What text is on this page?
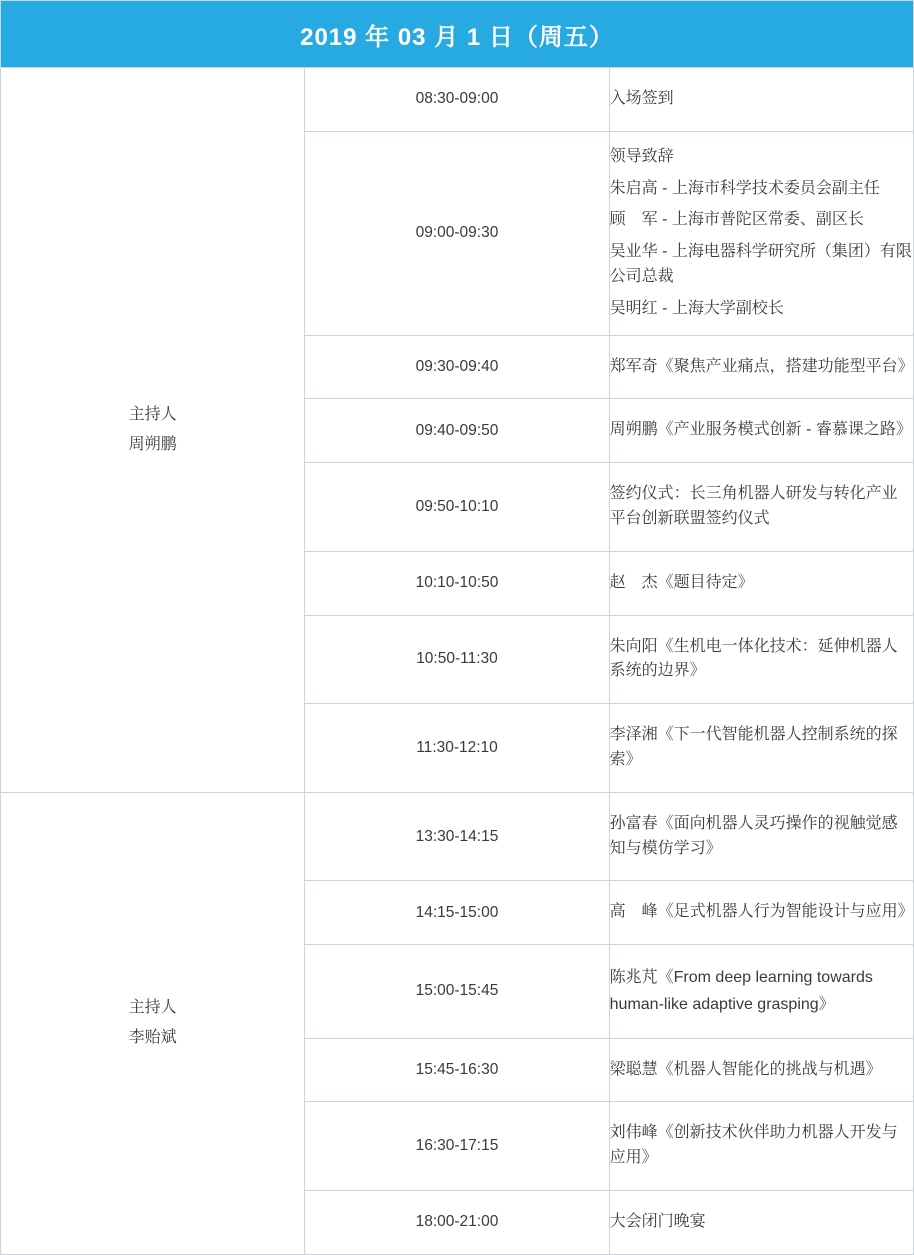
2019 年 03 月 1 日（周五）		

主持人
周朔鹏	08:30-09:00	入场签到

	09:00-09:30	领导致辞
朱启高 - 上海市科学技术委员会副主任
顾　军 - 上海市普陀区常委、副区长
吴业华 - 上海电器科学研究所（集团）有限公司总裁
吴明红 - 上海大学副校长

	09:30-09:40	郑军奇《聚焦产业痛点，搭建功能型平台》

	09:40-09:50	周朔鹏《产业服务模式创新 - 睿慕课之路》

	09:50-10:10	签约仪式：长三角机器人研发与转化产业平台创新联盟签约仪式

	10:10-10:50	赵　杰《题目待定》

	10:50-11:30	朱向阳《生机电一体化技术：延伸机器人系统的边界》

	11:30-12:10	李泽湘《下一代智能机器人控制系统的探索》

主持人
李贻斌	13:30-14:15	孙富春《面向机器人灵巧操作的视触觉感知与模仿学习》

	14:15-15:00	高　峰《足式机器人行为智能设计与应用》

	15:00-15:45	陈兆芃《From deep learning towards human-like adaptive grasping》

	15:45-16:30	梁聪慧《机器人智能化的挑战与机遇》

	16:30-17:15	刘伟峰《创新技术伙伴助力机器人开发与应用》

	18:00-21:00	大会闭门晚宴
